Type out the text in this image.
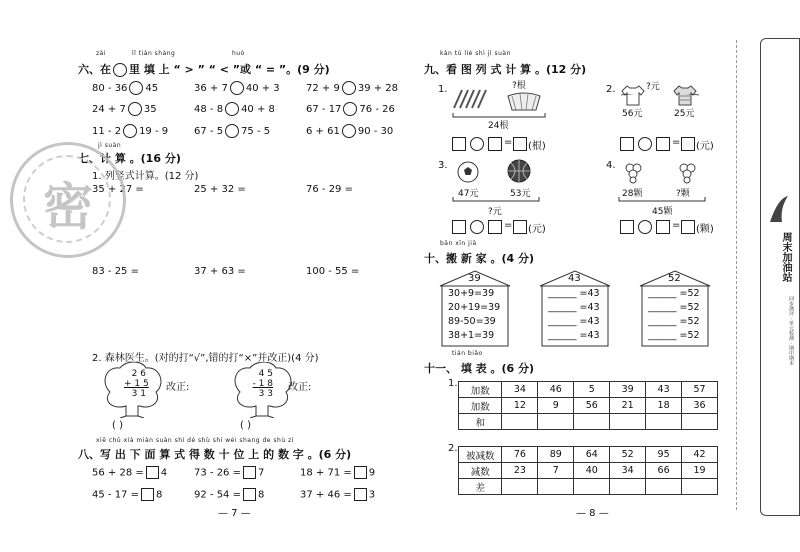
zài	lǐ tián shàng	huò
六、在 里 填 上 “ > ” “ < ”或 “ = ”。(9 分)
80 - 36 45	36 + 7 40 + 3	72 + 9 39 + 28
24 + 7 35	48 - 8 40 + 8	67 - 17 76 - 26
11 - 2 19 - 9	67 - 5 75 - 5	6 + 61 90 - 30
jì suàn
七、计 算 。(16 分)
1. 列竖式计算。(12 分)
35 + 27 =	25 + 32 =	76 - 29 =
83 - 25 =	37 + 63 =	100 - 55 =
密
2. 森林医生。(对的打“√”,错的打“×”并改正)(4 分)
2 6
+ 1 5
3 1
改正:
4 5
- 1 8
3 3
改正:
( )	( )
xiě chū xià miàn suàn shì dé shù shí wèi shang de shù zì
八、写 出 下 面 算 式 得 数 十 位 上 的 数 字 。(6 分)
56 + 28 = 4	73 - 26 = 7	18 + 71 = 9
45 - 17 = 8	92 - 54 = 8	37 + 46 = 3
— 7 —
kàn tú liè shì jì suàn
九、看 图 列 式 计 算 。(12 分)
1.	?根
24根
= (根)
2.	?元
56元	25元
= (元)
3.
47元	53元
?元
= (元)
4.
28颗	?颗
45颗
= (颗)
bān xīn jiā
十、搬 新 家 。(4 分)
39
30+9=39
20+19=39
89-50=39
38+1=39
43
______ =43
______ =43
______ =43
______ =43
52
______ =52
______ =52
______ =52
______ =52
tián biǎo
十一、 填 表 。(6 分)
1.
加数	34	46	5	39	43	57
加数	12	9	56	21	18	36
和						
2.
被减数	76	89	64	52	95	42
减数	23	7	40	34	66	19
差						
— 8 —
周末加油站
同步测评 · 单元检测 · 期中期末
